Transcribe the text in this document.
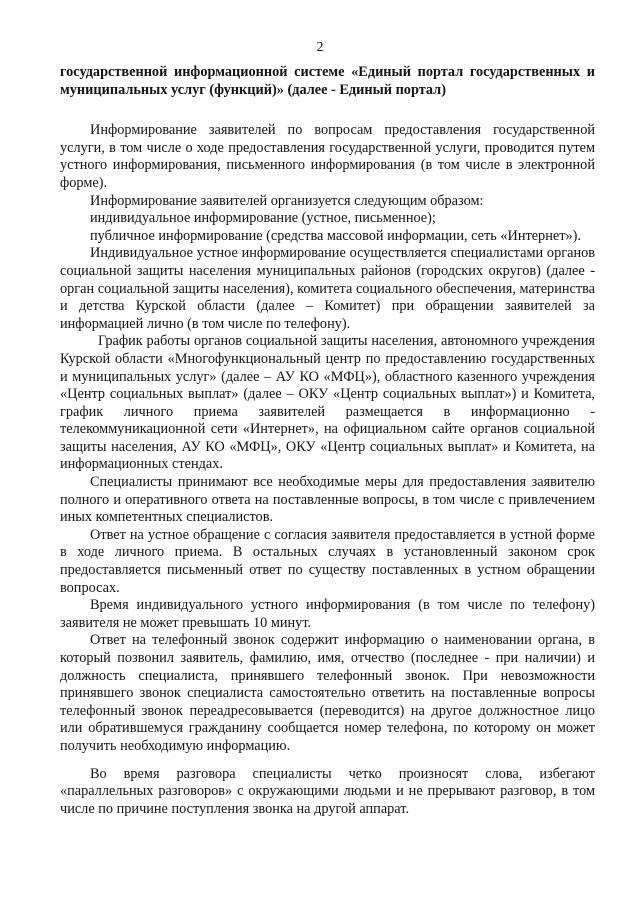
2

государственной информационной системе «Единый портал государственных и муниципальных услуг (функций)» (далее - Единый портал)

Информирование заявителей по вопросам предоставления государственной услуги, в том числе о ходе предоставления государственной услуги, проводится путем устного информирования, письменного информирования (в том числе в электронной форме).

Информирование заявителей организуется следующим образом:

индивидуальное информирование (устное, письменное);

публичное информирование (средства массовой информации, сеть «Интернет»).

Индивидуальное устное информирование осуществляется специалистами органов социальной защиты населения муниципальных районов (городских округов) (далее - орган социальной защиты населения), комитета социального обеспечения, материнства и детства Курской области (далее – Комитет) при обращении заявителей за информацией лично (в том числе по телефону).

График работы органов социальной защиты населения, автономного учреждения Курской области «Многофункциональный центр по предоставлению государственных и муниципальных услуг» (далее – АУ КО «МФЦ»), областного казенного учреждения «Центр социальных выплат» (далее – ОКУ «Центр социальных выплат») и Комитета, график личного приема заявителей размещается в информационно - телекоммуникационной сети «Интернет», на официальном сайте органов социальной защиты населения, АУ КО «МФЦ», ОКУ «Центр социальных выплат» и Комитета, на информационных стендах.

Специалисты принимают все необходимые меры для предоставления заявителю полного и оперативного ответа на поставленные вопросы, в том числе с привлечением иных компетентных специалистов.

Ответ на устное обращение с согласия заявителя предоставляется в устной форме в ходе личного приема. В остальных случаях в установленный законом срок предоставляется письменный ответ по существу поставленных в устном обращении вопросах.

Время индивидуального устного информирования (в том числе по телефону) заявителя не может превышать 10 минут.

Ответ на телефонный звонок содержит информацию о наименовании органа, в который позвонил заявитель, фамилию, имя, отчество (последнее - при наличии) и должность специалиста, принявшего телефонный звонок. При невозможности принявшего звонок специалиста самостоятельно ответить на поставленные вопросы телефонный звонок переадресовывается (переводится) на другое должностное лицо или обратившемуся гражданину сообщается номер телефона, по которому он может получить необходимую информацию.

Во время разговора специалисты четко произносят слова, избегают «параллельных разговоров» с окружающими людьми и не прерывают разговор, в том числе по причине поступления звонка на другой аппарат.
